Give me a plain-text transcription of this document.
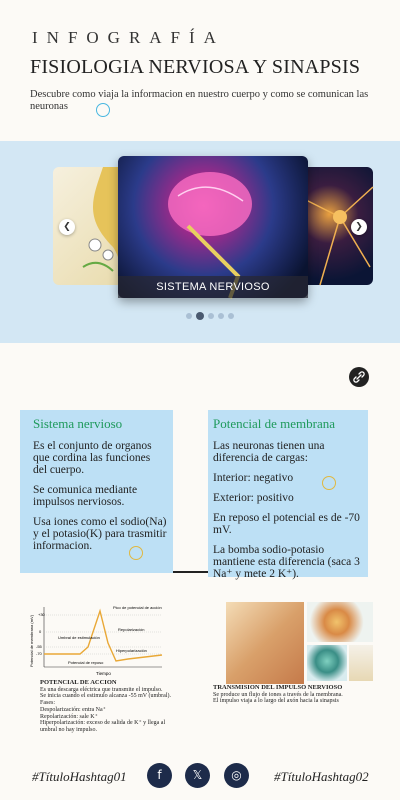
INFOGRAFÍA
FISIOLOGIA NERVIOSA Y SINAPSIS
Descubre como viaja la informacion en nuestro cuerpo y como se comunican las neuronas
SISTEMA NERVIOSO
❮	❯
Sistema nervioso

Es el conjunto de organos que cordina las funciones del cuerpo.

Se comunica mediante impulsos nerviosos.

Usa iones como el sodio(Na) y el potasio(K) para trasmitir informacion.

Potencial de membrana

Las neuronas tienen una diferencia de cargas:

Interior: negativo

Exterior: positivo

En reposo el potencial es de -70 mV.

La bomba sodio-potasio mantiene esta diferencia (saca 3 Na⁺ y mete 2 K⁺).

+30
0
-55
-70
Potencial de membrana (mV)
Tiempo
Pico de potencial de acción
Repolarización
Umbral de estimulación
Hiperpolarización
Potencial de reposo
POTENCIAL DE ACCION
Es una descarga eléctrica que transmite el impulso.
Se inicia cuando el estimulo alcanza -55 mV (umbral).
Fases:
Despolarización: entra Na⁺
Repolarización: sale K⁺
Hiperpolarización: exceso de salida de K⁺ y llega al umbral no hay impulso.
TRANSMISION DEL IMPULSO NERVIOSO
Se produce un flujo de iones a través de la membrana.
El impulso viaja a lo largo del axón hacia la sinapsis
#TítuloHashtag01	f	𝕏	◎	#TítuloHashtag02
